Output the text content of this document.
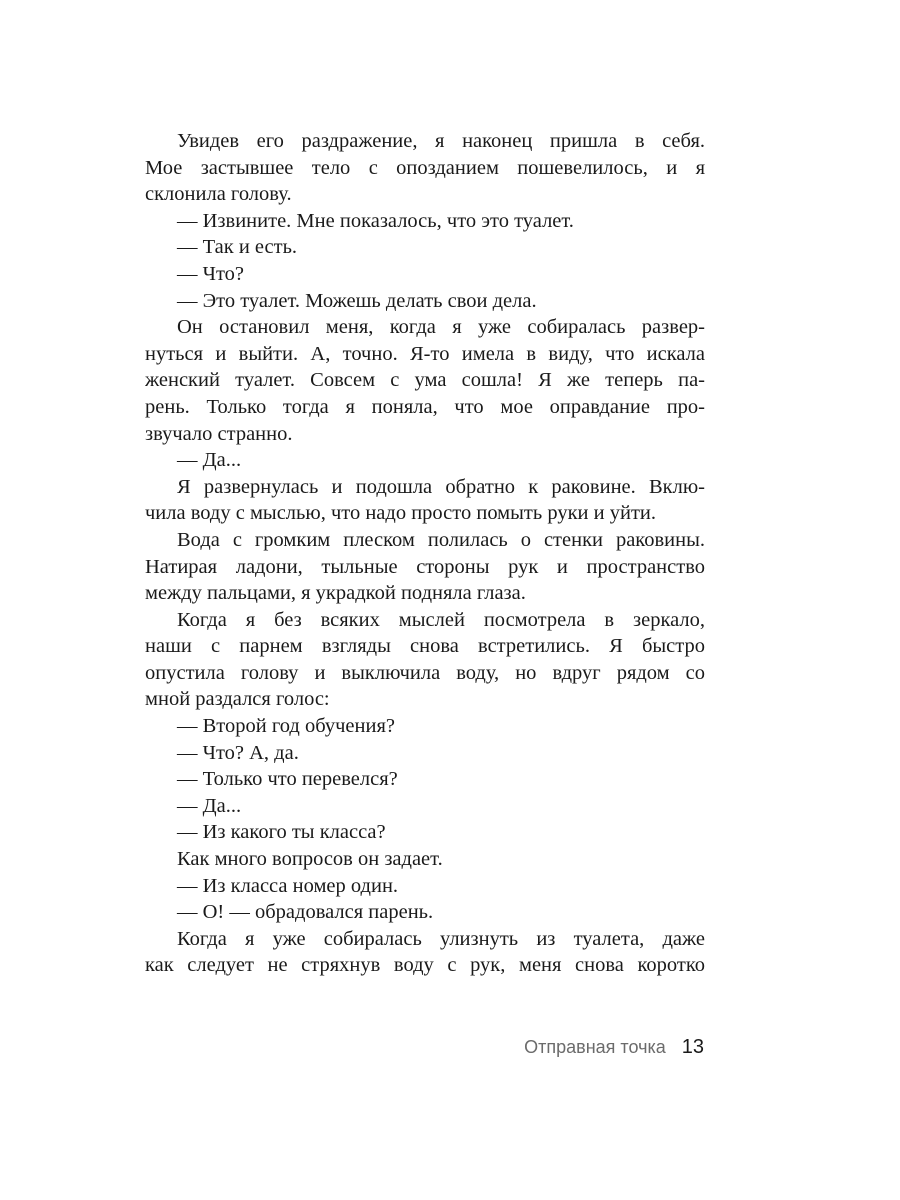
Увидев его раздражение, я наконец пришла в себя.
Мое застывшее тело с опозданием пошевелилось, и я
склонила голову.
— Извините. Мне показалось, что это туалет.
— Так и есть.
— Что?
— Это туалет. Можешь делать свои дела.
Он остановил меня, когда я уже собиралась развер-
нуться и выйти. А, точно. Я-то имела в виду, что искала
женский туалет. Совсем с ума сошла! Я же теперь па-
рень. Только тогда я поняла, что мое оправдание про-
звучало странно.
— Да...
Я развернулась и подошла обратно к раковине. Вклю-
чила воду с мыслью, что надо просто помыть руки и уйти.
Вода с громким плеском полилась о стенки раковины.
Натирая ладони, тыльные стороны рук и пространство
между пальцами, я украдкой подняла глаза.
Когда я без всяких мыслей посмотрела в зеркало,
наши с парнем взгляды снова встретились. Я быстро
опустила голову и выключила воду, но вдруг рядом со
мной раздался голос:
— Второй год обучения?
— Что? А, да.
— Только что перевелся?
— Да...
— Из какого ты класса?
Как много вопросов он задает.
— Из класса номер один.
— О! — обрадовался парень.
Когда я уже собиралась улизнуть из туалета, даже
как следует не стряхнув воду с рук, меня снова коротко
Отправная точка 13
